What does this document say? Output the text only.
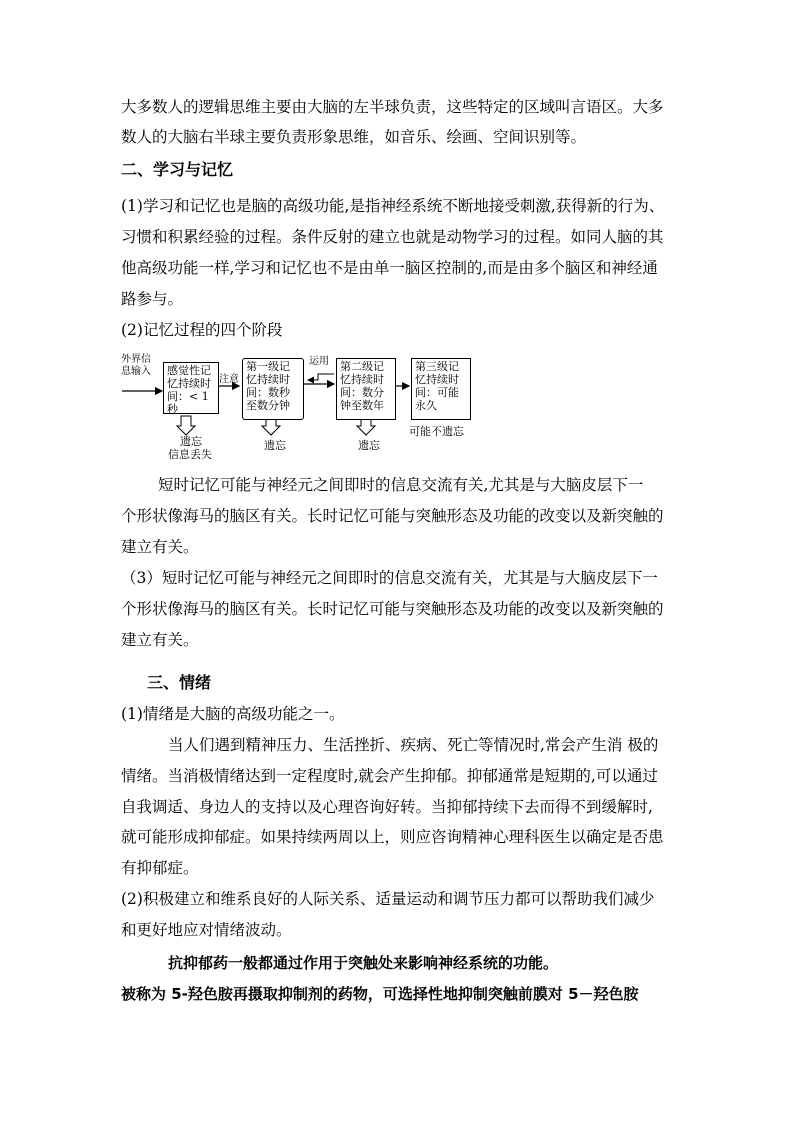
大多数人的逻辑思维主要由大脑的左半球负责，这些特定的区域叫言语区。大多
数人的大脑右半球主要负责形象思维，如音乐、绘画、空间识别等。
二、学习与记忆
(1)学习和记忆也是脑的高级功能,是指神经系统不断地接受刺激,获得新的行为、
习惯和积累经验的过程。条件反射的建立也就是动物学习的过程。如同人脑的其
他高级功能一样,学习和记忆也不是由单一脑区控制的,而是由多个脑区和神经通
路参与。
(2)记忆过程的四个阶段
外界信
息输入 感觉性记
忆持续时
间：< 1秒
注意
第一级记
忆持续时
间：数秒
至数分钟
运用 第二级记
忆持续时
间：数分
钟至数年
第三级记
忆持续时
间：可能
永久
遗忘
信息丢失
遗忘	遗忘
可能不遗忘
短时记忆可能与神经元之间即时的信息交流有关,尤其是与大脑皮层下一
个形状像海马的脑区有关。长时记忆可能与突触形态及功能的改变以及新突触的
建立有关。
（3）短时记忆可能与神经元之间即时的信息交流有关，尤其是与大脑皮层下一
个形状像海马的脑区有关。长时记忆可能与突触形态及功能的改变以及新突触的
建立有关。
三、情绪
(1)情绪是大脑的高级功能之一。
当人们遇到精神压力、生活挫折、疾病、死亡等情况时,常会产生消 极的
情绪。当消极情绪达到一定程度时,就会产生抑郁。抑郁通常是短期的,可以通过
自我调适、身边人的支持以及心理咨询好转。当抑郁持续下去而得不到缓解时,
就可能形成抑郁症。如果持续两周以上，则应咨询精神心理科医生以确定是否患
有抑郁症。
(2)积极建立和维系良好的人际关系、适量运动和调节压力都可以帮助我们减少
和更好地应对情绪波动。
抗抑郁药一般都通过作用于突触处来影响神经系统的功能。
被称为 5-羟色胺再摄取抑制剂的药物，可选择性地抑制突触前膜对 5－羟色胺
